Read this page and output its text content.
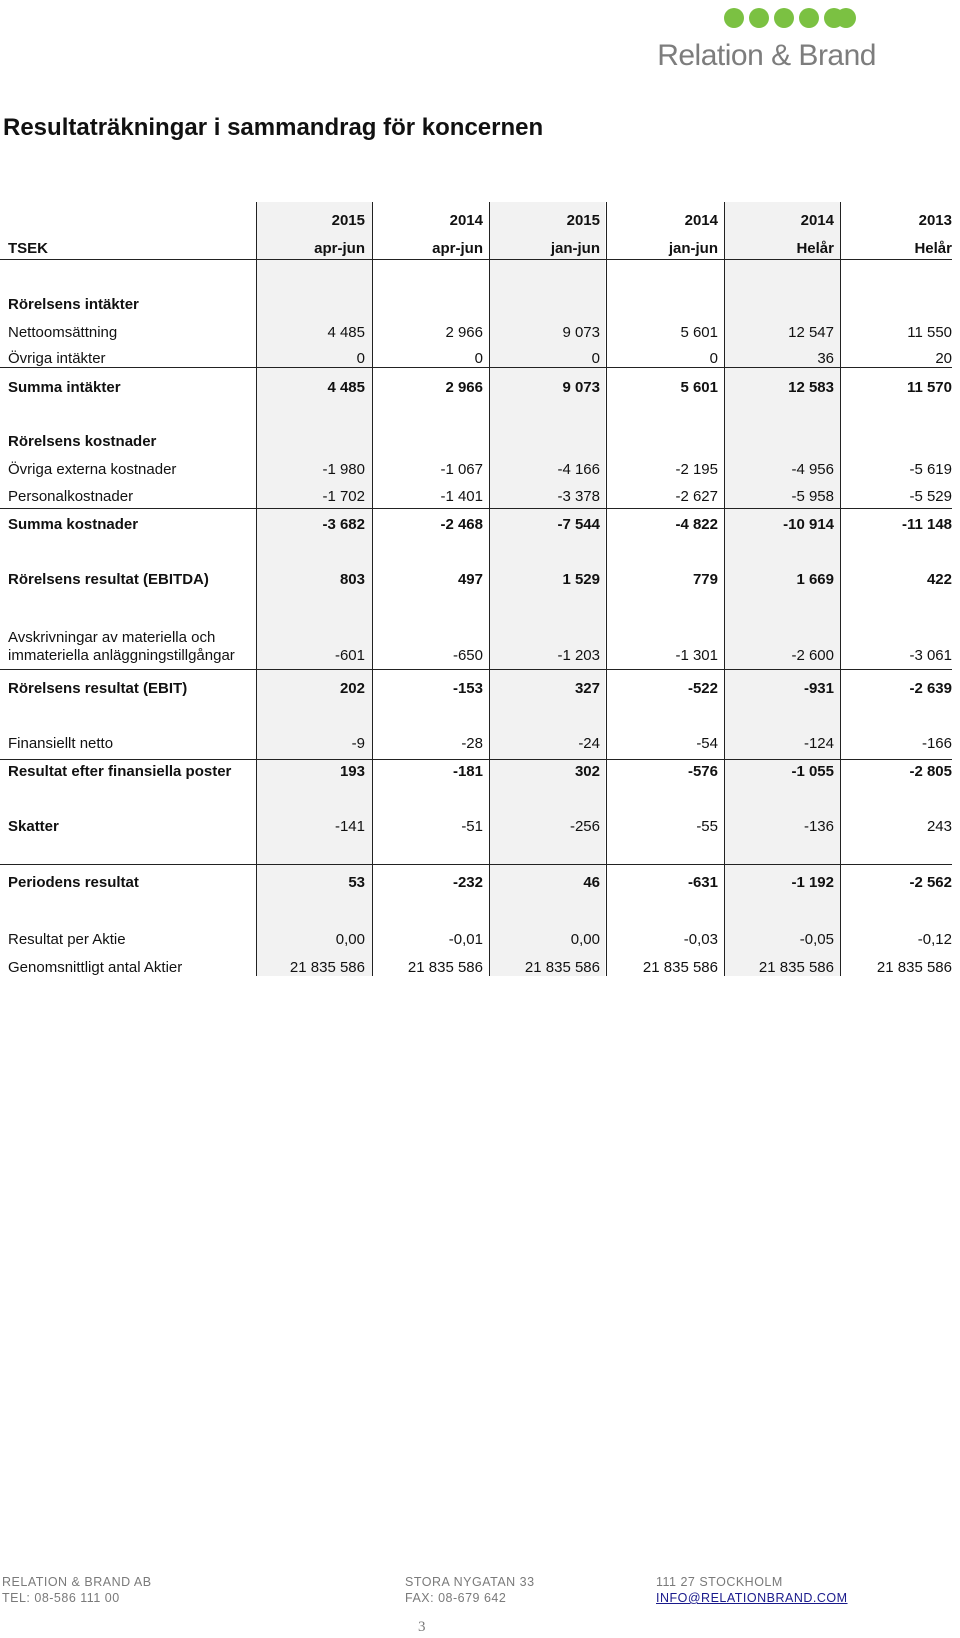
Relation & Brand
Resultaträkningar i sammandrag för koncernen
2015	2014	2015	2014	2014	2013
TSEK	apr-jun	apr-jun	jan-jun	jan-jun	Helår	Helår
Rörelsens intäkter
Nettoomsättning	4 485	2 966	9 073	5 601	12 547	11 550
Övriga intäkter	0	0	0	0	36	20
Summa intäkter	4 485	2 966	9 073	5 601	12 583	11 570
Rörelsens kostnader
Övriga externa kostnader	-1 980	-1 067	-4 166	-2 195	-4 956	-5 619
Personalkostnader	-1 702	-1 401	-3 378	-2 627	-5 958	-5 529
Summa kostnader	-3 682	-2 468	-7 544	-4 822	-10 914	-11 148
Rörelsens resultat (EBITDA)	803	497	1 529	779	1 669	422
Avskrivningar av materiella och
immateriella anläggningstillgångar	-601	-650	-1 203	-1 301	-2 600	-3 061
Rörelsens resultat (EBIT)	202	-153	327	-522	-931	-2 639
Finansiellt netto	-9	-28	-24	-54	-124	-166
Resultat efter finansiella poster	193	-181	302	-576	-1 055	-2 805
Skatter	-141	-51	-256	-55	-136	243
Periodens resultat	53	-232	46	-631	-1 192	-2 562
Resultat per Aktie	0,00	-0,01	0,00	-0,03	-0,05	-0,12
Genomsnittligt antal Aktier	21 835 586	21 835 586	21 835 586	21 835 586	21 835 586	21 835 586
RELATION & BRAND AB	STORA NYGATAN 33	111 27 STOCKHOLM
TEL: 08-586 111 00	FAX: 08-679 642	INFO@RELATIONBRAND.COM
3
